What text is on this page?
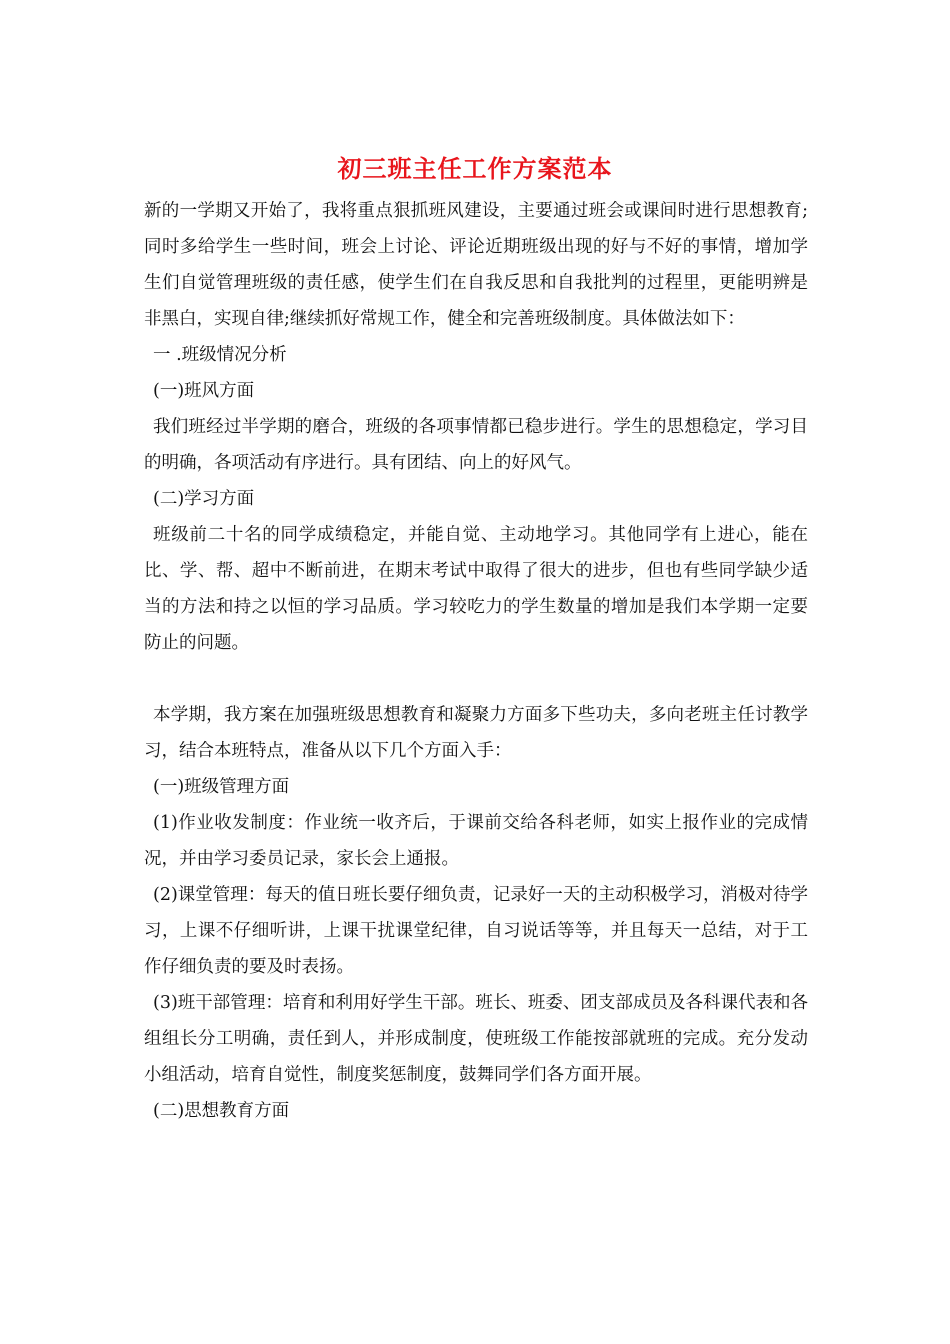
初三班主任工作方案范本

新的一学期又开始了，我将重点狠抓班风建设，主要通过班会或课间时进行思想教育;同时多给学生一些时间，班会上讨论、评论近期班级出现的好与不好的事情，增加学生们自觉管理班级的责任感，使学生们在自我反思和自我批判的过程里，更能明辨是非黑白，实现自律;继续抓好常规工作，健全和完善班级制度。具体做法如下：

一 .班级情况分析

(一)班风方面

我们班经过半学期的磨合，班级的各项事情都已稳步进行。学生的思想稳定，学习目的明确，各项活动有序进行。具有团结、向上的好风气。

(二)学习方面

班级前二十名的同学成绩稳定，并能自觉、主动地学习。其他同学有上进心，能在比、学、帮、超中不断前进，在期末考试中取得了很大的进步，但也有些同学缺少适当的方法和持之以恒的学习品质。学习较吃力的学生数量的增加是我们本学期一定要防止的问题。

本学期，我方案在加强班级思想教育和凝聚力方面多下些功夫，多向老班主任讨教学习，结合本班特点，准备从以下几个方面入手：

(一)班级管理方面

(1)作业收发制度：作业统一收齐后，于课前交给各科老师，如实上报作业的完成情况，并由学习委员记录，家长会上通报。

(2)课堂管理：每天的值日班长要仔细负责，记录好一天的主动积极学习，消极对待学习，上课不仔细听讲，上课干扰课堂纪律，自习说话等等，并且每天一总结，对于工作仔细负责的要及时表扬。

(3)班干部管理：培育和利用好学生干部。班长、班委、团支部成员及各科课代表和各组组长分工明确，责任到人，并形成制度，使班级工作能按部就班的完成。充分发动小组活动，培育自觉性，制度奖惩制度，鼓舞同学们各方面开展。

(二)思想教育方面
